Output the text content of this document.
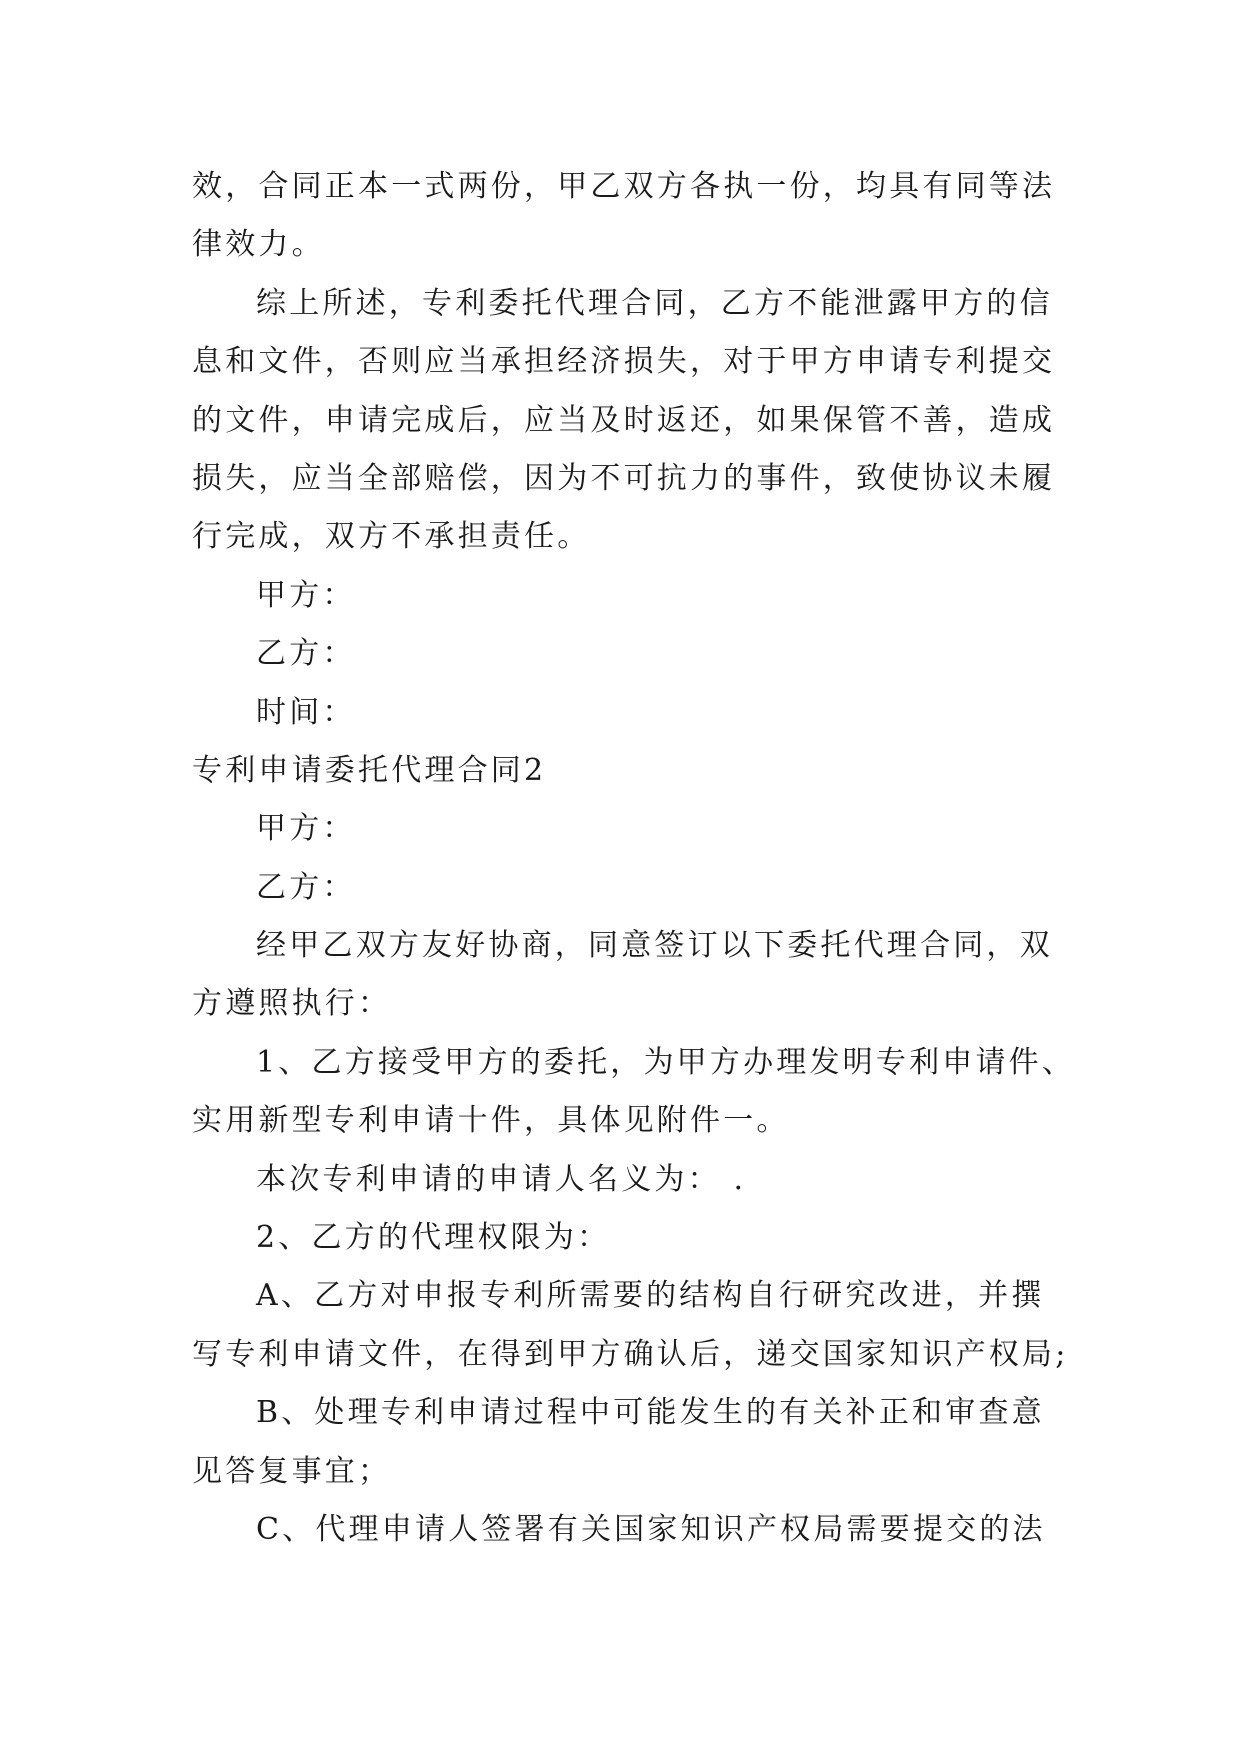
效，合同正本一式两份，甲乙双方各执一份，均具有同等法
律效力。
综上所述，专利委托代理合同，乙方不能泄露甲方的信
息和文件，否则应当承担经济损失，对于甲方申请专利提交
的文件，申请完成后，应当及时返还，如果保管不善，造成
损失，应当全部赔偿，因为不可抗力的事件，致使协议未履
行完成，双方不承担责任。
甲方：
乙方：
时间：
专利申请委托代理合同2
甲方：
乙方：
经甲乙双方友好协商，同意签订以下委托代理合同，双
方遵照执行：
1、乙方接受甲方的委托，为甲方办理发明专利申请件、
实用新型专利申请十件，具体见附件一。
本次专利申请的申请人名义为： .
2、乙方的代理权限为：
A、乙方对申报专利所需要的结构自行研究改进，并撰
写专利申请文件，在得到甲方确认后，递交国家知识产权局;
B、处理专利申请过程中可能发生的有关补正和审查意
见答复事宜；
C、代理申请人签署有关国家知识产权局需要提交的法
